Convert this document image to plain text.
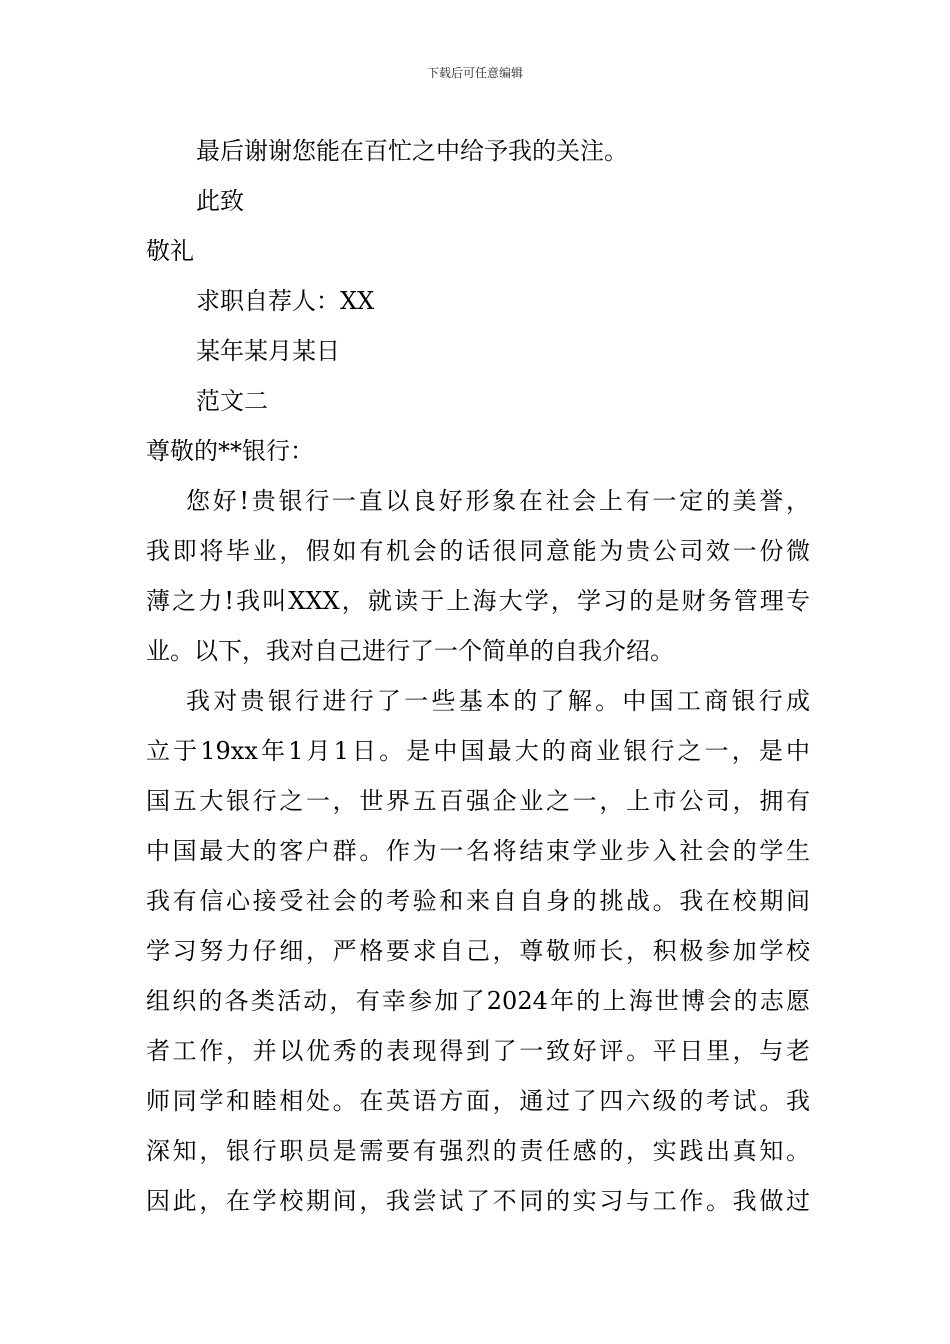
下载后可任意编辑
最后谢谢您能在百忙之中给予我的关注。
此致
敬礼
求职自荐人：XX
某年某月某日
范文二
尊敬的**银行：
您好!贵银行一直以良好形象在社会上有一定的美誉，
我即将毕业，假如有机会的话很同意能为贵公司效一份微
薄之力!我叫XXX，就读于上海大学，学习的是财务管理专
业。以下，我对自己进行了一个简单的自我介绍。
我对贵银行进行了一些基本的了解。中国工商银行成
立于19xx年1月1日。是中国最大的商业银行之一，是中
国五大银行之一，世界五百强企业之一，上市公司，拥有
中国最大的客户群。作为一名将结束学业步入社会的学生
我有信心接受社会的考验和来自自身的挑战。我在校期间
学习努力仔细，严格要求自己，尊敬师长，积极参加学校
组织的各类活动，有幸参加了2024年的上海世博会的志愿
者工作，并以优秀的表现得到了一致好评。平日里，与老
师同学和睦相处。在英语方面，通过了四六级的考试。我
深知，银行职员是需要有强烈的责任感的，实践出真知。
因此，在学校期间，我尝试了不同的实习与工作。我做过
